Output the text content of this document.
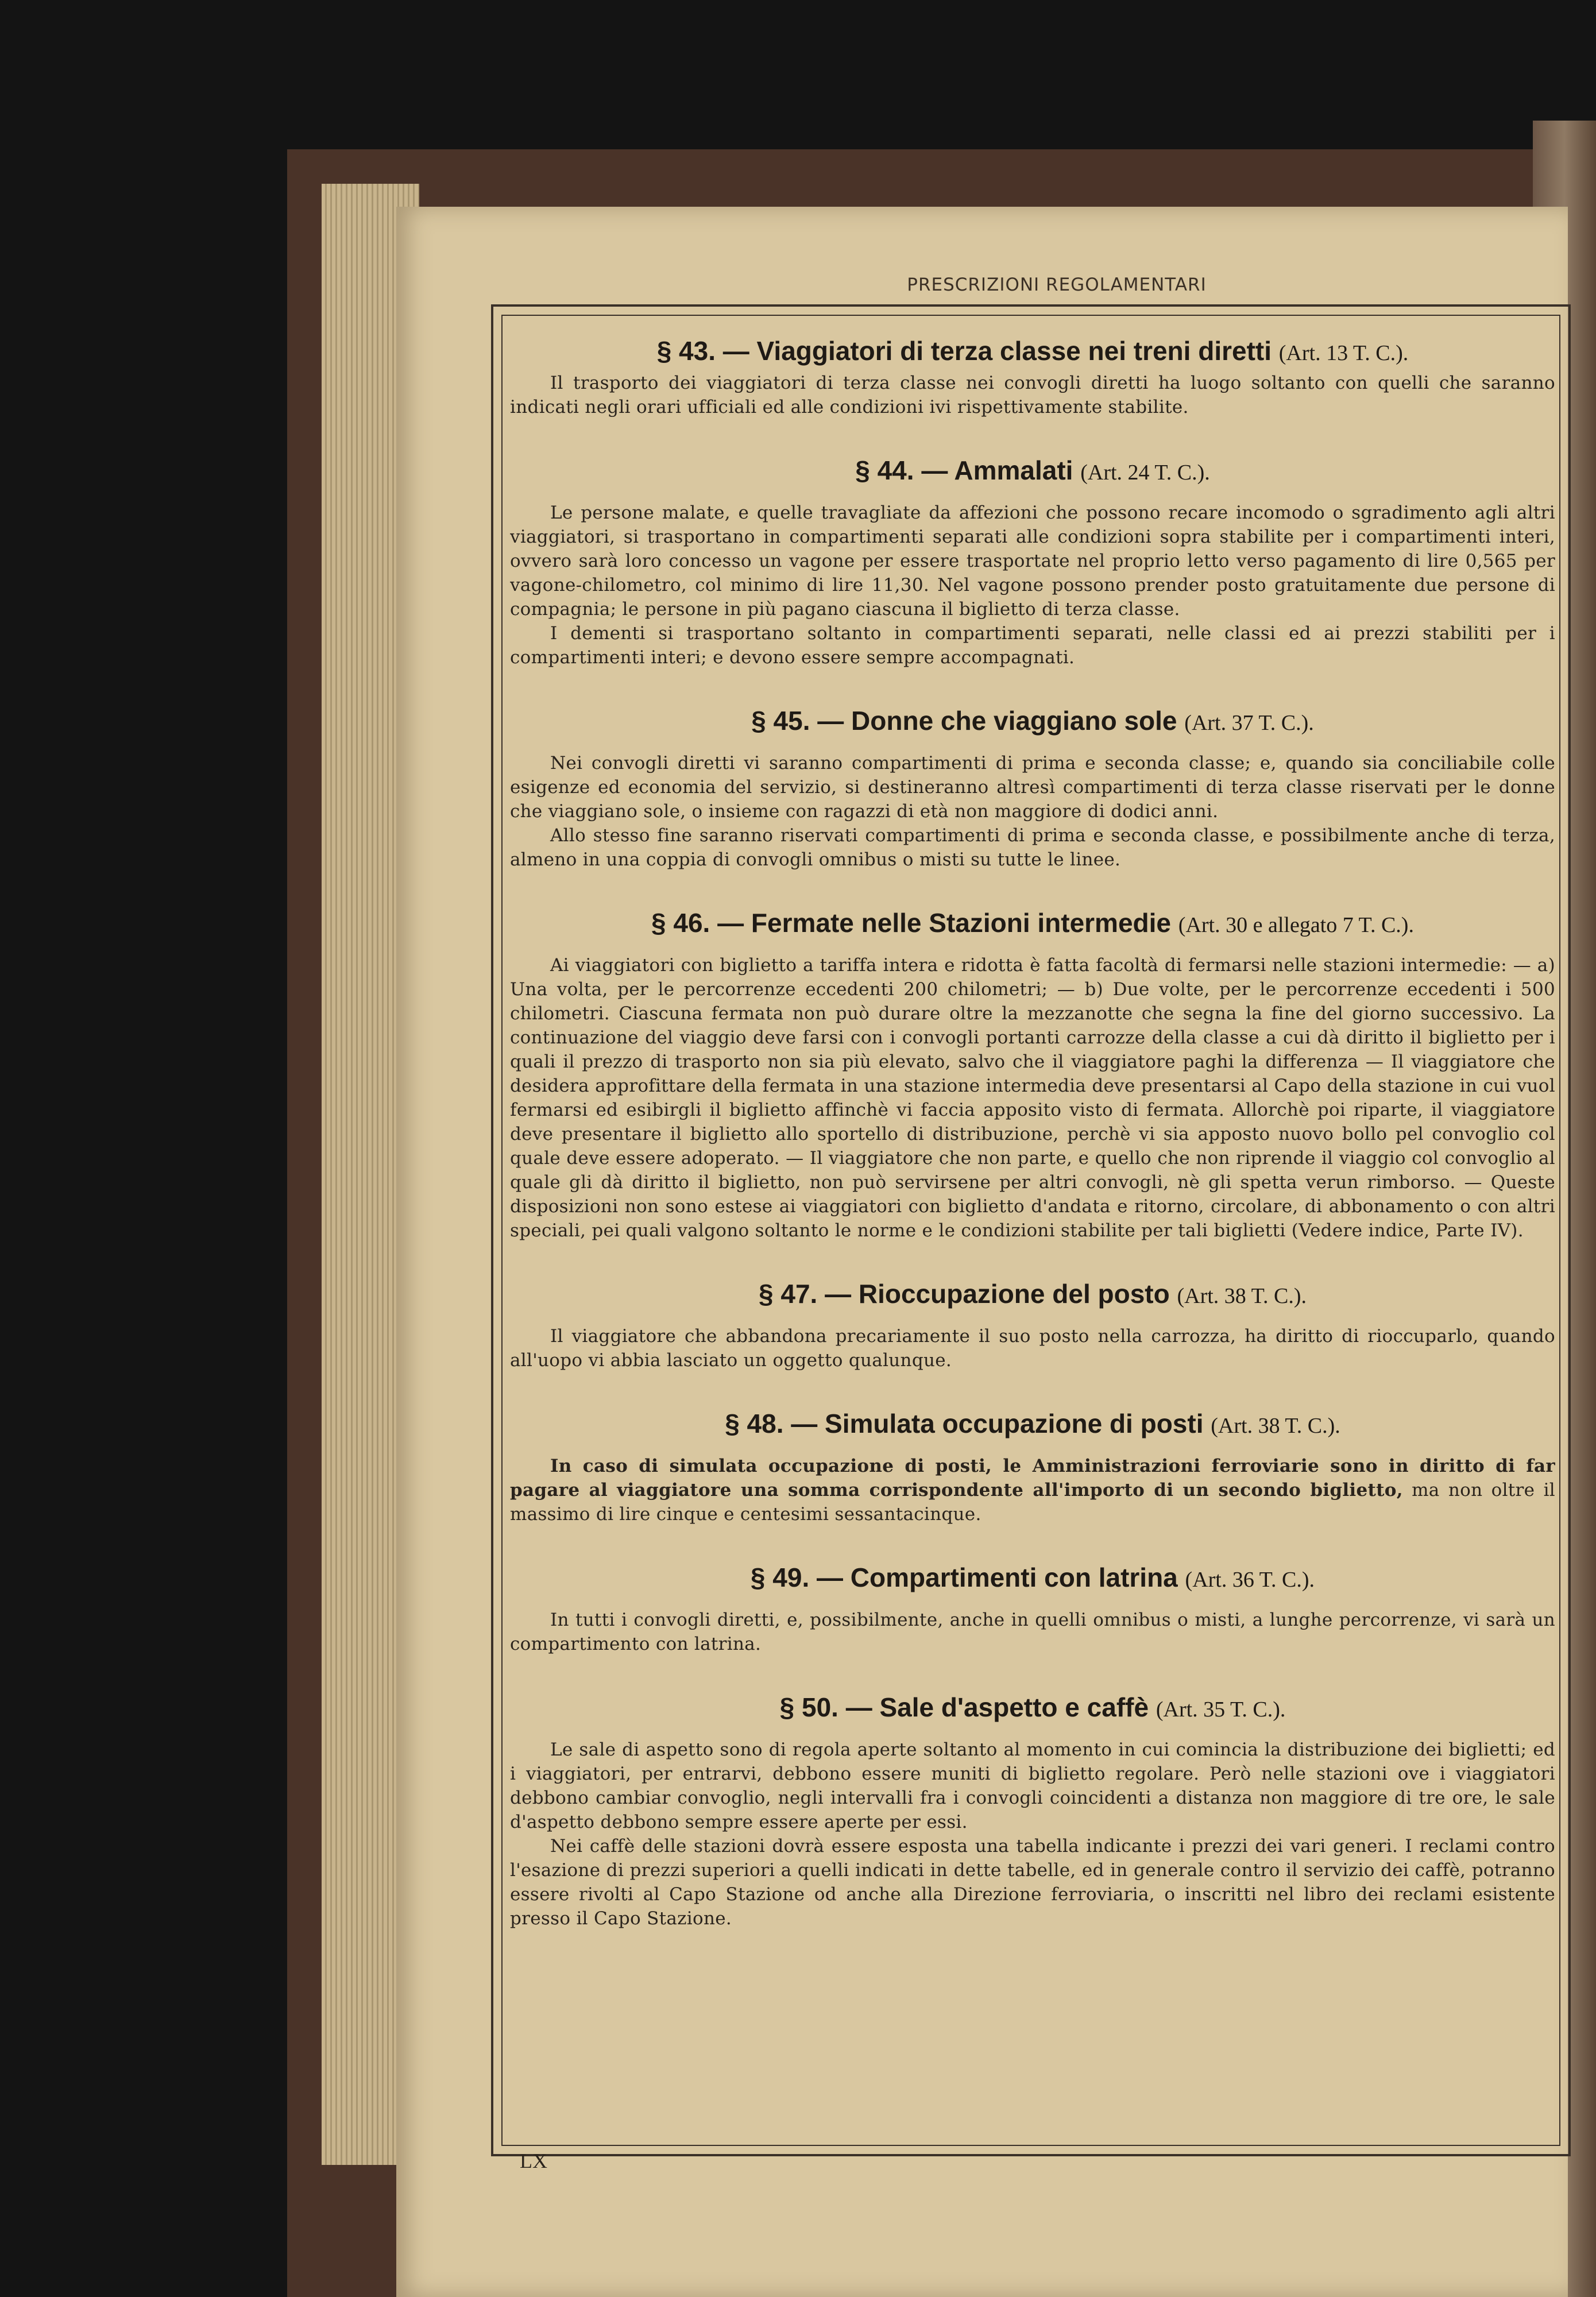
PRESCRIZIONI REGOLAMENTARI
§ 43. — Viaggiatori di terza classe nei treni diretti (Art. 13 T. C.).

Il trasporto dei viaggiatori di terza classe nei convogli diretti ha luogo soltanto con quelli che saranno indicati negli orari ufficiali ed alle condizioni ivi rispettivamente stabilite.

§ 44. — Ammalati (Art. 24 T. C.).

Le persone malate, e quelle travagliate da affezioni che possono recare incomodo o sgradimento agli altri viaggiatori, si trasportano in compartimenti separati alle condizioni sopra stabilite per i compartimenti interi, ovvero sarà loro concesso un vagone per essere trasportate nel proprio letto verso pagamento di lire 0,565 per vagone-chilometro, col minimo di lire 11,30. Nel vagone possono prender posto gratuitamente due persone di compagnia; le persone in più pagano ciascuna il biglietto di terza classe.

I dementi si trasportano soltanto in compartimenti separati, nelle classi ed ai prezzi stabiliti per i compartimenti interi; e devono essere sempre accompagnati.

§ 45. — Donne che viaggiano sole (Art. 37 T. C.).

Nei convogli diretti vi saranno compartimenti di prima e seconda classe; e, quando sia conciliabile colle esigenze ed economia del servizio, si destineranno altresì compartimenti di terza classe riservati per le donne che viaggiano sole, o insieme con ragazzi di età non maggiore di dodici anni.

Allo stesso fine saranno riservati compartimenti di prima e seconda classe, e possibilmente anche di terza, almeno in una coppia di convogli omnibus o misti su tutte le linee.

§ 46. — Fermate nelle Stazioni intermedie (Art. 30 e allegato 7 T. C.).

Ai viaggiatori con biglietto a tariffa intera e ridotta è fatta facoltà di fermarsi nelle stazioni intermedie: — a) Una volta, per le percorrenze eccedenti 200 chilometri; — b) Due volte, per le percorrenze eccedenti i 500 chilometri. Ciascuna fermata non può durare oltre la mezzanotte che segna la fine del giorno successivo. La continuazione del viaggio deve farsi con i convogli portanti carrozze della classe a cui dà diritto il biglietto per i quali il prezzo di trasporto non sia più elevato, salvo che il viaggiatore paghi la differenza — Il viaggiatore che desidera approfittare della fermata in una stazione intermedia deve presentarsi al Capo della stazione in cui vuol fermarsi ed esibirgli il biglietto affinchè vi faccia apposito visto di fermata. Allorchè poi riparte, il viaggiatore deve presentare il biglietto allo sportello di distribuzione, perchè vi sia apposto nuovo bollo pel convoglio col quale deve essere adoperato. — Il viaggiatore che non parte, e quello che non riprende il viaggio col convoglio al quale gli dà diritto il biglietto, non può servirsene per altri convogli, nè gli spetta verun rimborso. — Queste disposizioni non sono estese ai viaggiatori con biglietto d'andata e ritorno, circolare, di abbonamento o con altri speciali, pei quali valgono soltanto le norme e le condizioni stabilite per tali biglietti (Vedere indice, Parte IV).

§ 47. — Rioccupazione del posto (Art. 38 T. C.).

Il viaggiatore che abbandona precariamente il suo posto nella carrozza, ha diritto di rioccuparlo, quando all'uopo vi abbia lasciato un oggetto qualunque.

§ 48. — Simulata occupazione di posti (Art. 38 T. C.).

In caso di simulata occupazione di posti, le Amministrazioni ferroviarie sono in diritto di far pagare al viaggiatore una somma corrispondente all'importo di un secondo biglietto, ma non oltre il massimo di lire cinque e centesimi sessantacinque.

§ 49. — Compartimenti con latrina (Art. 36 T. C.).

In tutti i convogli diretti, e, possibilmente, anche in quelli omnibus o misti, a lunghe percorrenze, vi sarà un compartimento con latrina.

§ 50. — Sale d'aspetto e caffè (Art. 35 T. C.).

Le sale di aspetto sono di regola aperte soltanto al momento in cui comincia la distribuzione dei biglietti; ed i viaggiatori, per entrarvi, debbono essere muniti di biglietto regolare. Però nelle stazioni ove i viaggiatori debbono cambiar convoglio, negli intervalli fra i convogli coincidenti a distanza non maggiore di tre ore, le sale d'aspetto debbono sempre essere aperte per essi.

Nei caffè delle stazioni dovrà essere esposta una tabella indicante i prezzi dei vari generi. I reclami contro l'esazione di prezzi superiori a quelli indicati in dette tabelle, ed in generale contro il servizio dei caffè, potranno essere rivolti al Capo Stazione od anche alla Direzione ferroviaria, o inscritti nel libro dei reclami esistente presso il Capo Stazione.

LX
